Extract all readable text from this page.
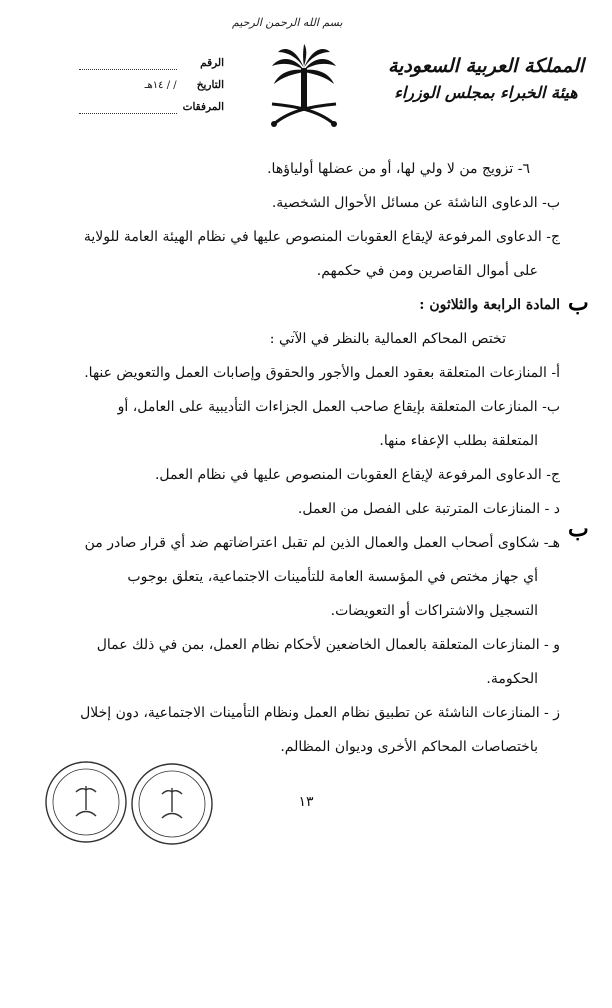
بسم الله الرحمن الرحيم
المملكة العربية السعودية
هيئة الخبراء بمجلس الوزراء
الرقم
التاريخ / / ١٤هـ
المرفقات
٦- تزويج من لا ولي لها، أو من عضلها أولياؤها.
ب- الدعاوى الناشئة عن مسائل الأحوال الشخصية.
ج- الدعاوى المرفوعة لإيقاع العقوبات المنصوص عليها في نظام الهيئة العامة للولاية
على أموال القاصرين ومن في حكمهم.
المادة الرابعة والثلاثون :
تختص المحاكم العمالية بالنظر في الآتي :
أ- المنازعات المتعلقة بعقود العمل والأجور والحقوق وإصابات العمل والتعويض عنها.
ب- المنازعات المتعلقة بإيقاع صاحب العمل الجزاءات التأديبية على العامل، أو
المتعلقة بطلب الإعفاء منها.
ج- الدعاوى المرفوعة لإيقاع العقوبات المنصوص عليها في نظام العمل.
د - المنازعات المترتبة على الفصل من العمل.
هـ- شكاوى أصحاب العمل والعمال الذين لم تقبل اعتراضاتهم ضد أي قرار صادر من
أي جهاز مختص في المؤسسة العامة للتأمينات الاجتماعية، يتعلق بوجوب
التسجيل والاشتراكات أو التعويضات.
و - المنازعات المتعلقة بالعمال الخاضعين لأحكام نظام العمل، بمن في ذلك عمال
الحكومة.
ز - المنازعات الناشئة عن تطبيق نظام العمل ونظام التأمينات الاجتماعية، دون إخلال
باختصاصات المحاكم الأخرى وديوان المظالم.
ب
ب
١٣
